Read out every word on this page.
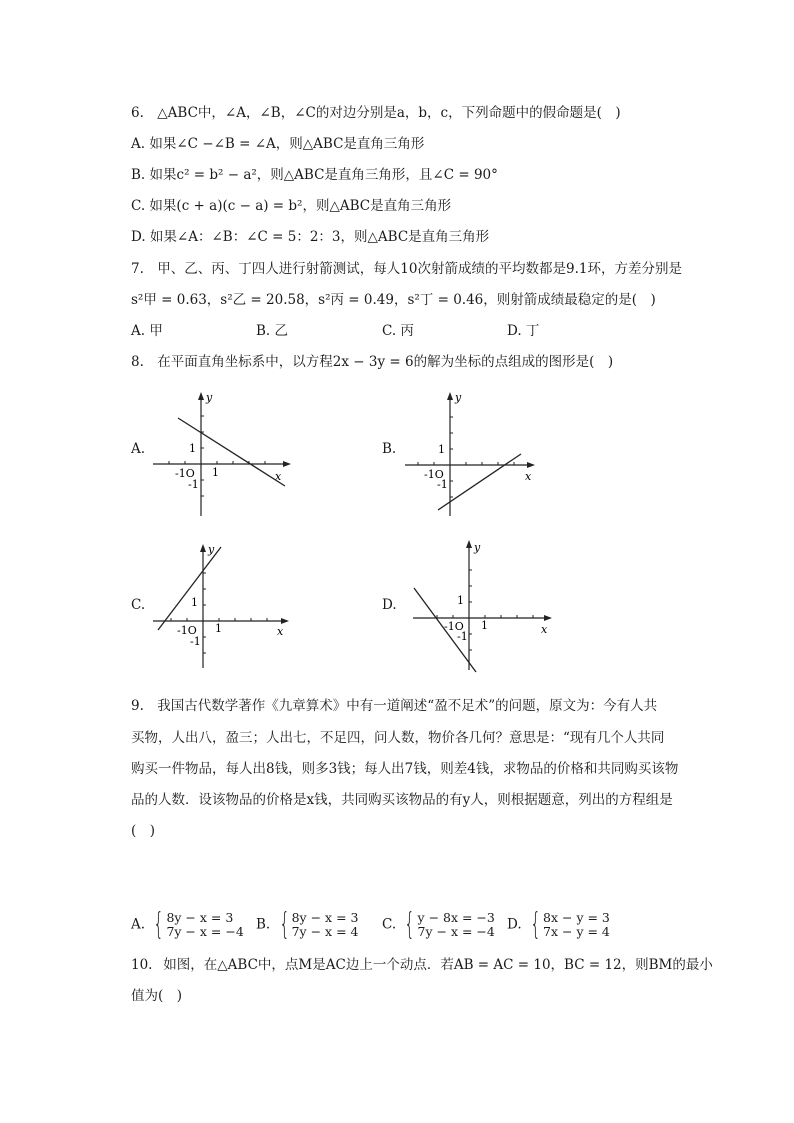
6. △ABC中，∠A，∠B，∠C的对边分别是a，b，c，下列命题中的假命题是(　)
A. 如果∠C −∠B = ∠A，则△ABC是直角三角形
B. 如果c² = b² − a²，则△ABC是直角三角形，且∠C = 90°
C. 如果(c + a)(c − a) = b²，则△ABC是直角三角形
D. 如果∠A：∠B：∠C = 5：2：3，则△ABC是直角三角形
7. 甲、乙、丙、丁四人进行射箭测试，每人10次射箭成绩的平均数都是9.1环，方差分别是
s²甲 = 0.63，s²乙 = 20.58，s²丙 = 0.49，s²丁 = 0.46，则射箭成绩最稳定的是(　)
A. 甲	B. 乙	C. 丙	D. 丁
8. 在平面直角坐标系中，以方程2x − 3y = 6的解为坐标的点组成的图形是(　)
A.
y
x
1
1
-1O
-1
B.
y
x
1
-1O
-1
C.
y
x
1
1
-1O
-1
D.
y
x
1
1
-1O
-1
9. 我国古代数学著作《九章算术》中有一道阐述“盈不足术”的问题，原文为：今有人共
买物，人出八，盈三；人出七，不足四，问人数，物价各几何？意思是：“现有几个人共同
购买一件物品，每人出8钱，则多3钱；每人出7钱，则差4钱，求物品的价格和共同购买该物
品的人数．设该物品的价格是x钱，共同购买该物品的有y人，则根据题意，列出的方程组是
(　)
A. { 8y − x = 3
7y − x = −4 B. { 8y − x = 3
7y − x = 4 C. { y − 8x = −3
7y − x = −4 D. { 8x − y = 3
7x − y = 4
10. 如图，在△ABC中，点M是AC边上一个动点．若AB = AC = 10，BC = 12，则BM的最小
值为(　)
